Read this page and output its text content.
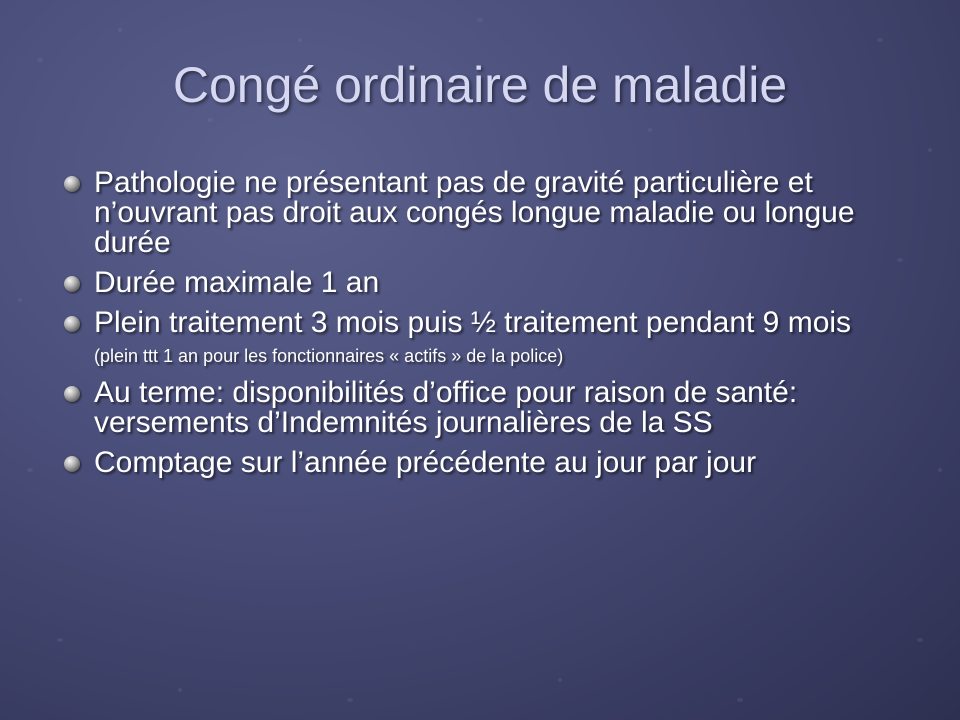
Congé ordinaire de maladie
Pathologie ne présentant pas de gravité particulière et n’ouvrant pas droit aux congés longue maladie ou longue durée
Durée maximale 1 an
Plein traitement 3 mois puis ½ traitement pendant 9 mois (plein ttt 1 an pour les fonctionnaires « actifs » de la police)
Au terme: disponibilités d’office pour raison de santé: versements d’Indemnités journalières de la SS
Comptage sur l’année précédente au jour par jour
